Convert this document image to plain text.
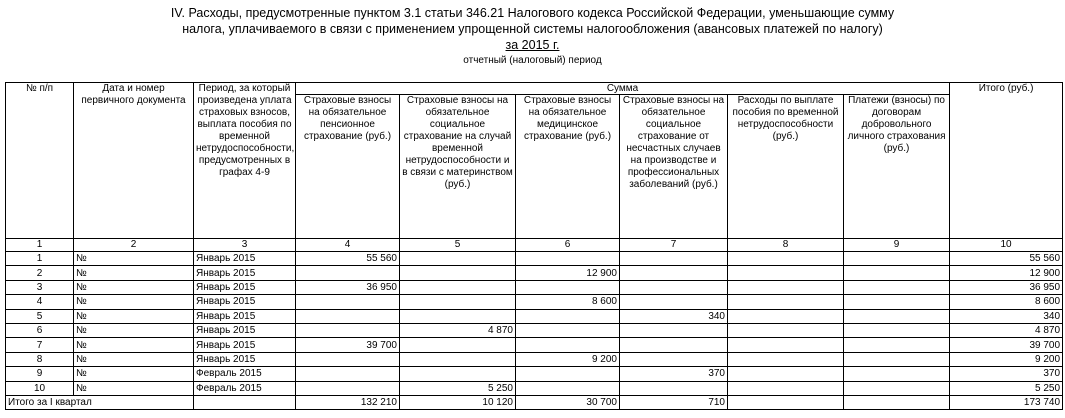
IV. Расходы, предусмотренные пунктом 3.1 статьи 346.21 Налогового кодекса Российской Федерации, уменьшающие сумму
налога, уплачиваемого в связи с применением упрощенной системы налогообложения (авансовых платежей по налогу)
за 2015 г.
отчетный (налоговый) период
№ п/п	Дата и номер первичного документа	Период, за который произведена уплата страховых взносов, выплата пособия по временной нетрудоспособности, предусмотренных в графах 4-9	Сумма						Итого (руб.)
			Страховые взносы на обязательное пенсионное страхование (руб.)	Страховые взносы на обязательное социальное страхование на случай временной нетрудоспособности и в связи с материнством (руб.)	Страховые взносы на обязательное медицинское страхование (руб.)	Страховые взносы на обязательное социальное страхование от несчастных случаев на производстве и профессиональных заболеваний (руб.)	Расходы по выплате пособия по временной нетрудоспособности (руб.)	Платежи (взносы) по договорам добровольного личного страхования (руб.)	
1	2	3	4	5	6	7	8	9	10
1	№	Январь 2015	55 560						55 560
2	№	Январь 2015			12 900				12 900
3	№	Январь 2015	36 950						36 950
4	№	Январь 2015			8 600				8 600
5	№	Январь 2015				340			340
6	№	Январь 2015		4 870					4 870
7	№	Январь 2015	39 700						39 700
8	№	Январь 2015			9 200				9 200
9	№	Февраль 2015				370			370
10	№	Февраль 2015		5 250					5 250
Итого за I квартал			132 210	10 120	30 700	710			173 740
